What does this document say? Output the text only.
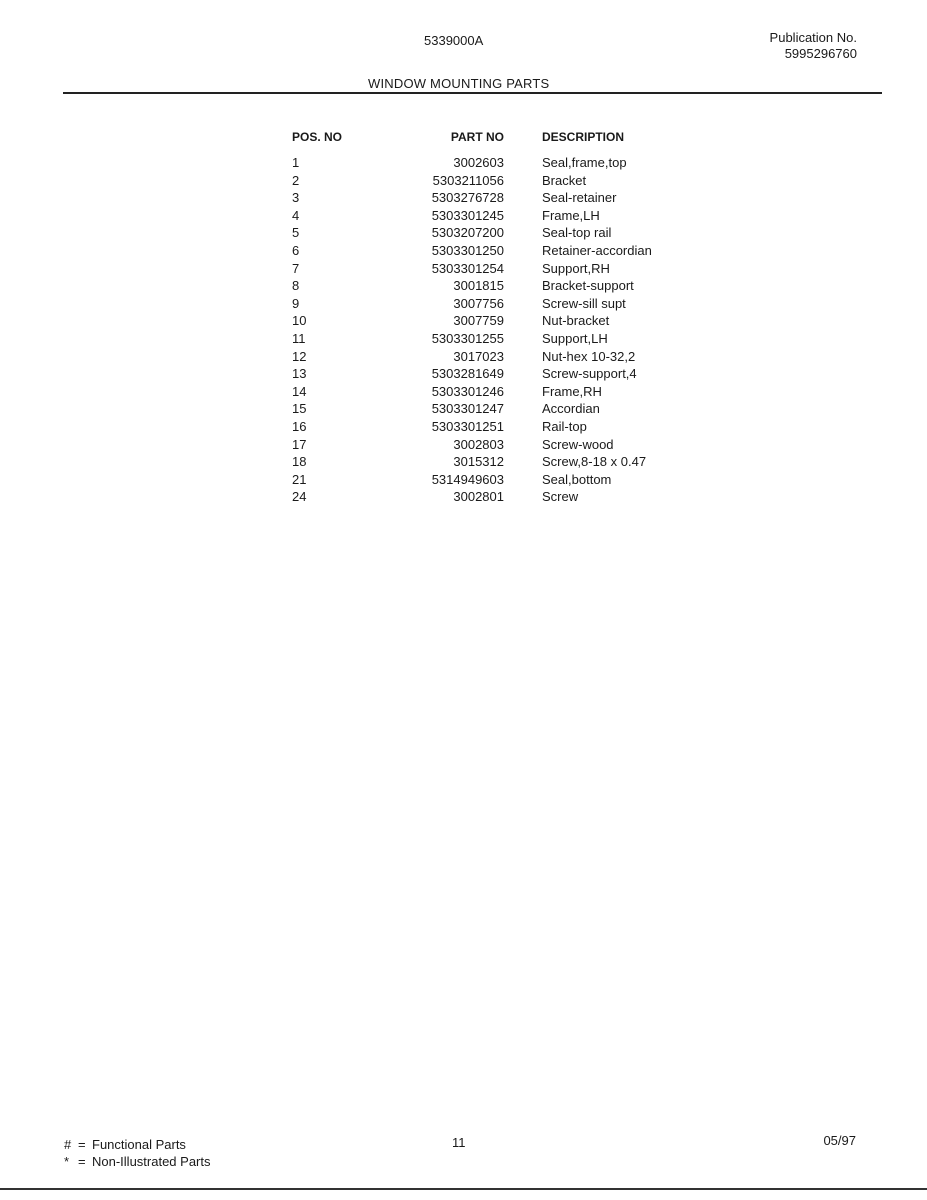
5339000A	Publication No.
5995296760
WINDOW MOUNTING PARTS
POS. NO	PART NO	DESCRIPTION
1	3002603	Seal,frame,top
2	5303211056	Bracket
3	5303276728	Seal-retainer
4	5303301245	Frame,LH
5	5303207200	Seal-top rail
6	5303301250	Retainer-accordian
7	5303301254	Support,RH
8	3001815	Bracket-support
9	3007756	Screw-sill supt
10	3007759	Nut-bracket
11	5303301255	Support,LH
12	3017023	Nut-hex 10-32,2
13	5303281649	Screw-support,4
14	5303301246	Frame,RH
15	5303301247	Accordian
16	5303301251	Rail-top
17	3002803	Screw-wood
18	3015312	Screw,8-18 x 0.47
21	5314949603	Seal,bottom
24	3002801	Screw
# = Functional Parts
* = Non-Illustrated Parts
11	05/97
